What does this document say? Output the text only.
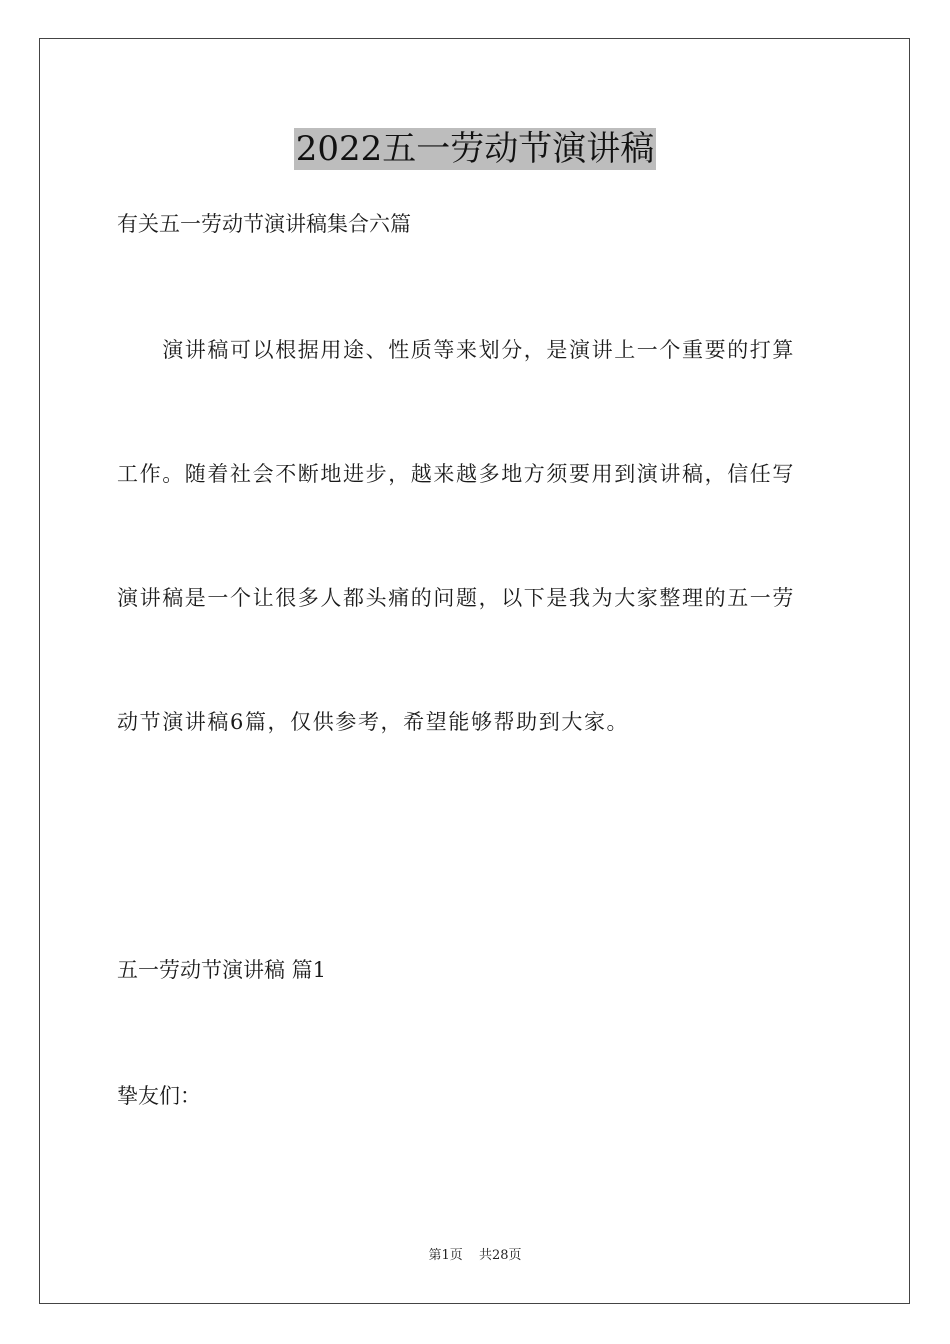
2022五一劳动节演讲稿
有关五一劳动节演讲稿集合六篇
　　演讲稿可以根据用途、性质等来划分，是演讲上一个重要的打算
工作。随着社会不断地进步，越来越多地方须要用到演讲稿，信任写
演讲稿是一个让很多人都头痛的问题，以下是我为大家整理的五一劳
动节演讲稿6篇，仅供参考，希望能够帮助到大家。
五一劳动节演讲稿 篇1
挚友们：
第1页 共28页
